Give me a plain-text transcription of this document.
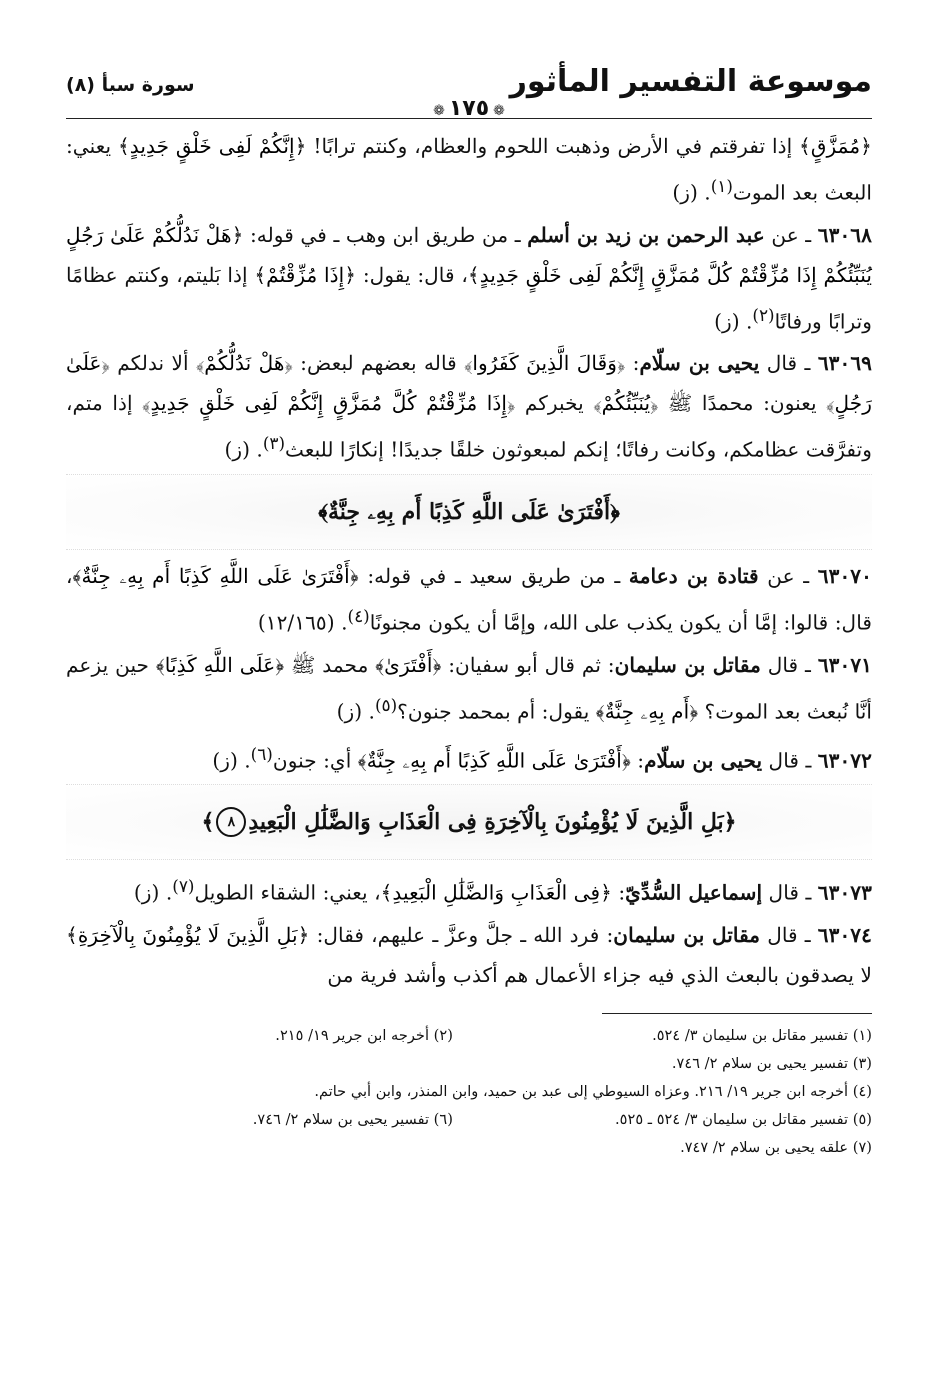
موسوعة التفسير المأثور
❁١٧٥❁
سورة سبأ (٨)

﴿مُمَزَّقٍ﴾ إذا تفرقتم في الأرض وذهبت اللحوم والعظام، وكنتم ترابًا! ﴿إِنَّكُمْ لَفِى خَلْقٍ جَدِيدٍ﴾ يعني: البعث بعد الموت$^{(١)}$. (ز)

٦٣٠٦٨ ـ عن عبد الرحمن بن زيد بن أسلم ـ من طريق ابن وهب ـ في قوله: ﴿هَلْ نَدُلُّكُمْ عَلَىٰ رَجُلٍ يُنَبِّئُكُمْ إِذَا مُزِّقْتُمْ كُلَّ مُمَزَّقٍ إِنَّكُمْ لَفِى خَلْقٍ جَدِيدٍ﴾، قال: يقول: ﴿إِذَا مُزِّقْتُمْ﴾ إذا بَليتم، وكنتم عظامًا وترابًا ورفاتًا$^{(٢)}$. (ز)

٦٣٠٦٩ ـ قال يحيى بن سلّام: ﴿وَقَالَ الَّذِينَ كَفَرُوا﴾ قاله بعضهم لبعض: ﴿هَلْ نَدُلُّكُمْ﴾ ألا ندلكم ﴿عَلَىٰ رَجُلٍ﴾ يعنون: محمدًا ﷺ ﴿يُنَبِّئُكُمْ﴾ يخبركم ﴿إِذَا مُزِّقْتُمْ كُلَّ مُمَزَّقٍ إِنَّكُمْ لَفِى خَلْقٍ جَدِيدٍ﴾ إذا متم، وتفرَّقت عظامكم، وكانت رفاتًا؛ إنكم لمبعوثون خلقًا جديدًا! إنكارًا للبعث$^{(٣)}$. (ز)

﴿أَفْتَرَىٰ عَلَى اللَّهِ كَذِبًا أَم بِهِۦ جِنَّةٌ﴾

٦٣٠٧٠ ـ عن قتادة بن دعامة ـ من طريق سعيد ـ في قوله: ﴿أَفْتَرَىٰ عَلَى اللَّهِ كَذِبًا أَم بِهِۦ جِنَّةٌ﴾، قال: قالوا: إمَّا أن يكون يكذب على الله، وإمَّا أن يكون مجنونًا$^{(٤)}$. (١٢/١٦٥)

٦٣٠٧١ ـ قال مقاتل بن سليمان: ثم قال أبو سفيان: ﴿أَفْتَرَىٰ﴾ محمد ﷺ ﴿عَلَى اللَّهِ كَذِبًا﴾ حين يزعم أنَّا نُبعث بعد الموت؟ ﴿أَم بِهِۦ جِنَّةٌ﴾ يقول: أم بمحمد جنون؟$^{(٥)}$. (ز)

٦٣٠٧٢ ـ قال يحيى بن سلّام: ﴿أَفْتَرَىٰ عَلَى اللَّهِ كَذِبًا أَم بِهِۦ جِنَّةٌ﴾ أي: جنون$^{(٦)}$. (ز)

﴿بَلِ الَّذِينَ لَا يُؤْمِنُونَ بِالْآخِرَةِ فِى الْعَذَابِ وَالضَّلَٰلِ الْبَعِيدِ
٨
﴾

٦٣٠٧٣ ـ قال إسماعيل السُّدِّيّ: ﴿فِى الْعَذَابِ وَالضَّلَٰلِ الْبَعِيدِ﴾، يعني: الشقاء الطويل$^{(٧)}$. (ز)

٦٣٠٧٤ ـ قال مقاتل بن سليمان: فرد الله ـ جلَّ وعزَّ ـ عليهم، فقال: ﴿بَلِ الَّذِينَ لَا يُؤْمِنُونَ بِالْآخِرَةِ﴾ لا يصدقون بالبعث الذي فيه جزاء الأعمال هم أكذب وأشد فرية من

(١) تفسير مقاتل بن سليمان ٣/ ٥٢٤.
(٢) أخرجه ابن جرير ١٩/ ٢١٥.
(٣) تفسير يحيى بن سلام ٢/ ٧٤٦.
(٤) أخرجه ابن جرير ١٩/ ٢١٦. وعزاه السيوطي إلى عبد بن حميد، وابن المنذر، وابن أبي حاتم.
(٥) تفسير مقاتل بن سليمان ٣/ ٥٢٤ ـ ٥٢٥.
(٦) تفسير يحيى بن سلام ٢/ ٧٤٦.
(٧) علقه يحيى بن سلام ٢/ ٧٤٧.
